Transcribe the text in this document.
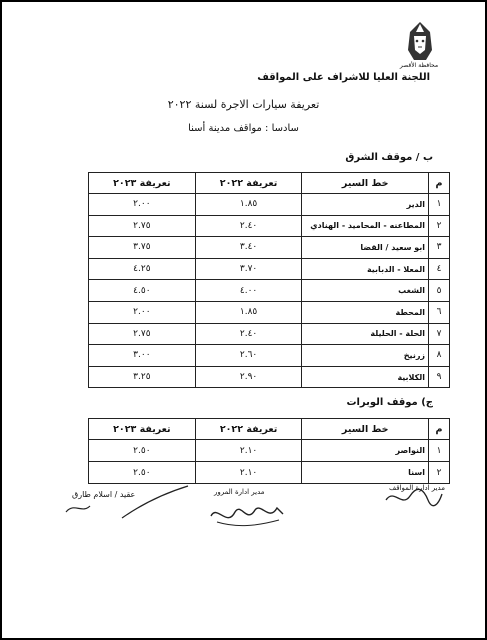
محافظة الأقصر
اللجنة العليا للاشراف على المواقف
تعريفة سيارات الاجرة لسنة ٢٠٢٢
سادسا : مواقف مدينة أسنا
ب / موقف الشرق
م	خط السير	تعريفة ٢٠٢٢	تعريفة ٢٠٢٣
١	الدير	١.٨٥	٢.٠٠
٢	المطاعنه - المحاميد - الهنادي	٢.٤٠	٢.٧٥
٣	ابو سعيد / القضا	٣.٤٠	٣.٧٥
٤	المعلا - الدبابية	٣.٧٠	٤.٢٥
٥	الشغب	٤.٠٠	٤.٥٠
٦	المحطة	١.٨٥	٢.٠٠
٧	الحلة - الحليلة	٢.٤٠	٢.٧٥
٨	زرنيخ	٢.٦٠	٣.٠٠
٩	الكلابية	٢.٩٠	٣.٢٥
ج) موقف الوبرات
م	خط السير	تعريفة ٢٠٢٢	تعريفة ٢٠٢٣
١	النواصر	٢.١٠	٢.٥٠
٢	اسنا	٢.١٠	٢.٥٠
مدير ادارة المواقف
مدير ادارة المرور
عقيد / اسلام طارق
